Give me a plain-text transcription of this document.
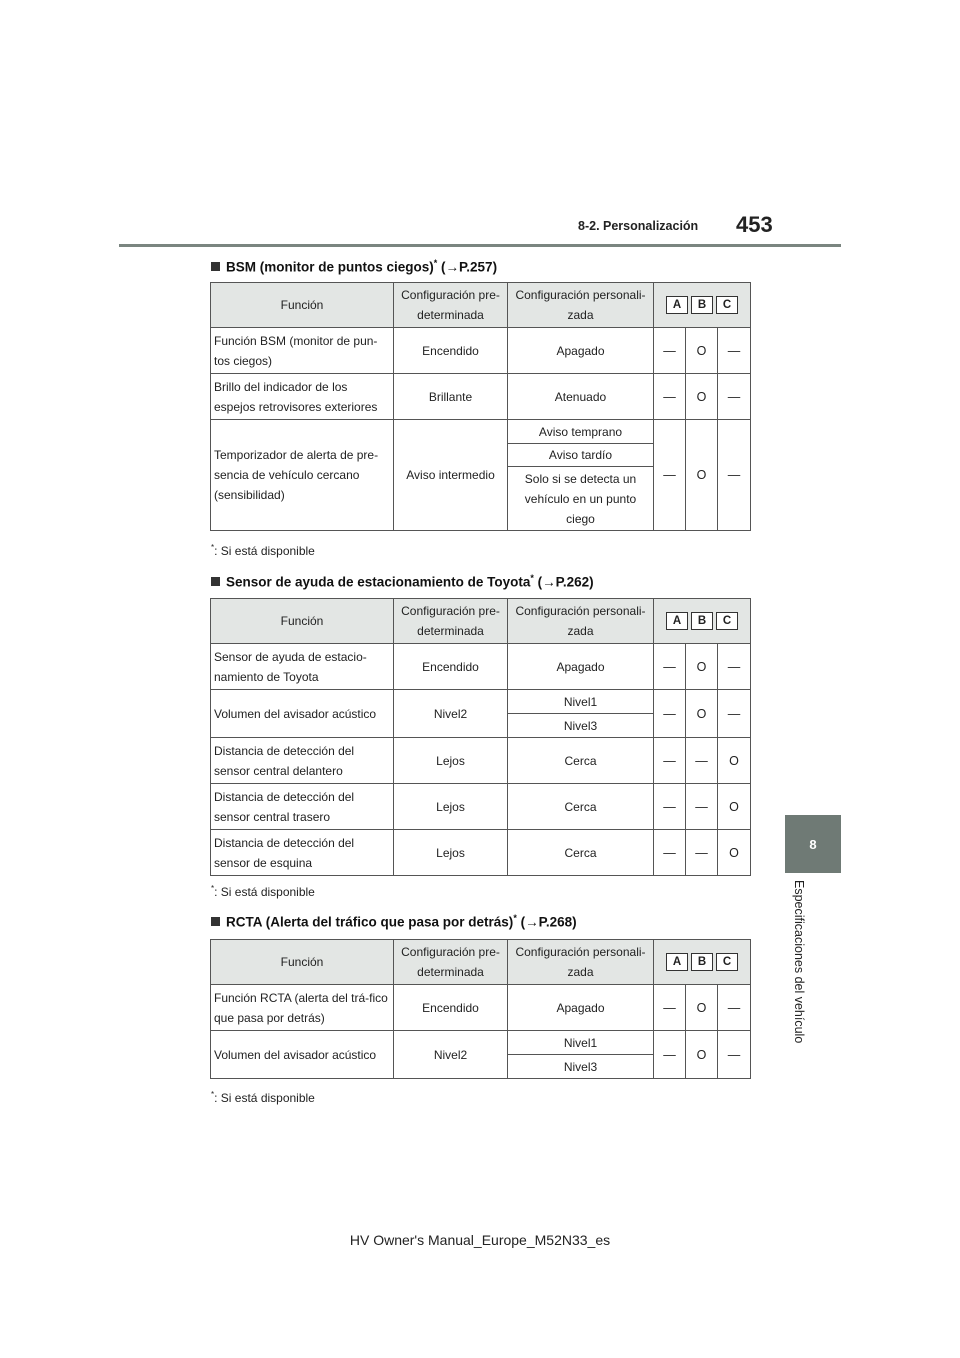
8-2. Personalización 453
8
Especificaciones del vehículo
BSM (monitor de puntos ciegos)* (→P.257)
Función	Configuración pre-determinada	Configuración personali-zada	A B C		

Función BSM (monitor de pun-tos ciegos)	Encendido	Apagado	—	O	—
Brillo del indicador de los espejos retrovisores exteriores	Brillante	Atenuado	—	O	—
Temporizador de alerta de pre-sencia de vehículo cercano (sensibilidad)	Aviso intermedio	Aviso temprano	—	O	—
		Aviso tardío			
		Solo si se detecta un vehículo en un punto ciego			
*: Si está disponible
Sensor de ayuda de estacionamiento de Toyota* (→P.262)
Función	Configuración pre-determinada	Configuración personali-zada	A B C		

Sensor de ayuda de estacio-namiento de Toyota	Encendido	Apagado	—	O	—
Volumen del avisador acústico	Nivel2	Nivel1	—	O	—
		Nivel3			
Distancia de detección del sensor central delantero	Lejos	Cerca	—	—	O
Distancia de detección del sensor central trasero	Lejos	Cerca	—	—	O
Distancia de detección del sensor de esquina	Lejos	Cerca	—	—	O
*: Si está disponible
RCTA (Alerta del tráfico que pasa por detrás)* (→P.268)
Función	Configuración pre-determinada	Configuración personali-zada	A B C		

Función RCTA (alerta del trá-fico que pasa por detrás)	Encendido	Apagado	—	O	—
Volumen del avisador acústico	Nivel2	Nivel1	—	O	—
		Nivel3			
*: Si está disponible
HV Owner's Manual_Europe_M52N33_es
